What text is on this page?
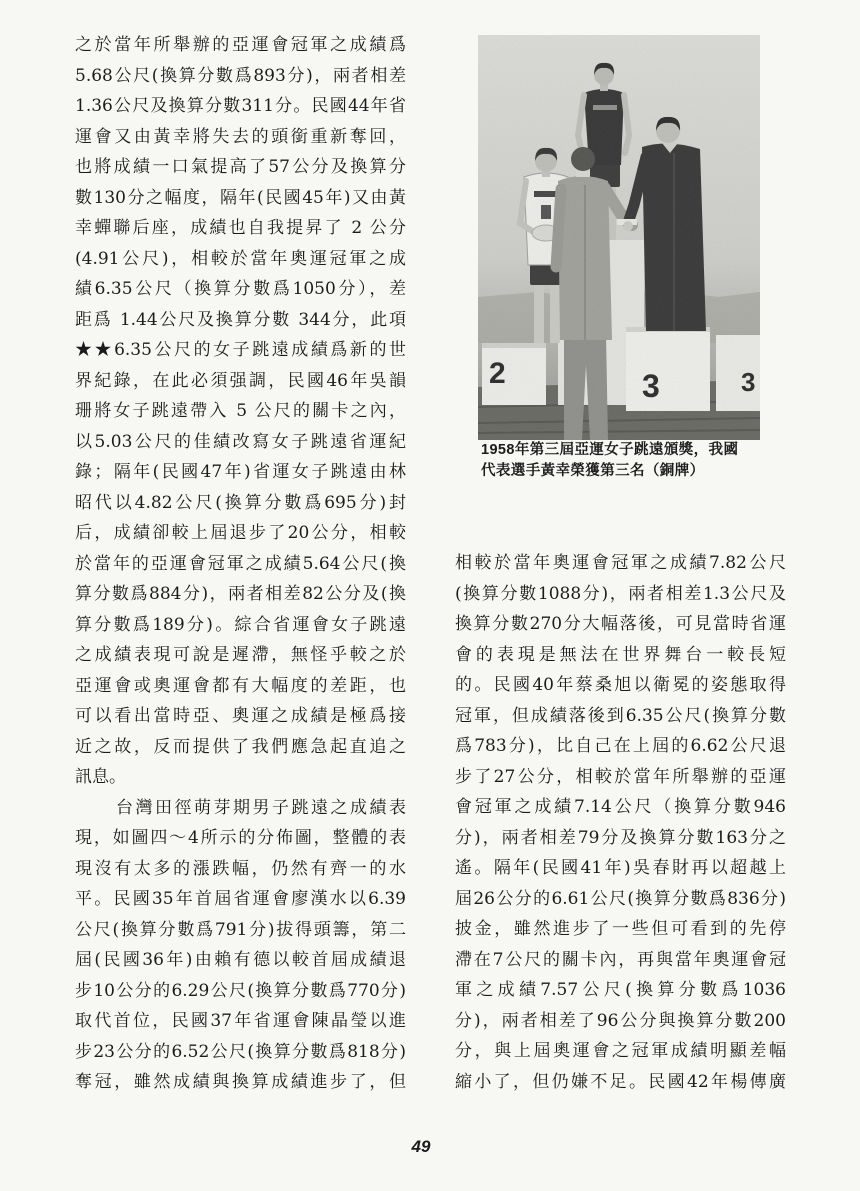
之於當年所舉辦的亞運會冠軍之成績爲
5.68公尺(換算分數爲893分)，兩者相差
1.36公尺及換算分數311分。民國44年省
運會又由黃幸將失去的頭銜重新奪回，
也將成績一口氣提高了57公分及換算分
數130分之幅度，隔年(民國45年)又由黃
幸蟬聯后座，成績也自我提昇了 2 公分
(4.91公尺)，相較於當年奧運冠軍之成
績6.35公尺（換算分數爲1050分），差
距爲 1.44公尺及換算分數 344分，此項
★★6.35公尺的女子跳遠成績爲新的世
界紀錄，在此必須强調，民國46年吳韻
珊將女子跳遠帶入 5 公尺的關卡之內，
以5.03公尺的佳績改寫女子跳遠省運紀
錄；隔年(民國47年)省運女子跳遠由林
昭代以4.82公尺(換算分數爲695分)封
后，成績卻較上屆退步了20公分，相較
於當年的亞運會冠軍之成績5.64公尺(換
算分數爲884分)，兩者相差82公分及(換
算分數爲189分)。綜合省運會女子跳遠
之成績表現可說是遲滯，無怪乎較之於
亞運會或奧運會都有大幅度的差距，也
可以看出當時亞、奧運之成績是極爲接
近之故，反而提供了我們應急起直追之
訊息。
台灣田徑萌芽期男子跳遠之成績表
現，如圖四～4所示的分佈圖，整體的表
現沒有太多的漲跌幅，仍然有齊一的水
平。民國35年首屆省運會廖漢水以6.39
公尺(換算分數爲791分)拔得頭籌，第二
屆(民國36年)由賴有德以較首屆成績退
步10公分的6.29公尺(換算分數爲770分)
取代首位，民國37年省運會陳晶瑩以進
步23公分的6.52公尺(換算分數爲818分)
奪冠，雖然成績與換算成績進步了，但
2	3	3
1958年第三屆亞運女子跳遠頒獎，我國
代表選手黃幸榮獲第三名（銅牌）
相較於當年奧運會冠軍之成績7.82公尺
(換算分數1088分)，兩者相差1.3公尺及
換算分數270分大幅落後，可見當時省運
會的表現是無法在世界舞台一較長短
的。民國40年蔡桑旭以衛冕的姿態取得
冠軍，但成績落後到6.35公尺(換算分數
爲783分)，比自己在上屆的6.62公尺退
步了27公分，相較於當年所舉辦的亞運
會冠軍之成績7.14公尺（換算分數946
分)，兩者相差79分及換算分數163分之
遙。隔年(民國41年)吳春財再以超越上
屆26公分的6.61公尺(換算分數爲836分)
披金，雖然進步了一些但可看到的先停
滯在7公尺的關卡內，再與當年奧運會冠
軍之成績7.57公尺(換算分數爲1036
分)，兩者相差了96公分與換算分數200
分，與上屆奧運會之冠軍成績明顯差幅
縮小了，但仍嫌不足。民國42年楊傳廣
49
